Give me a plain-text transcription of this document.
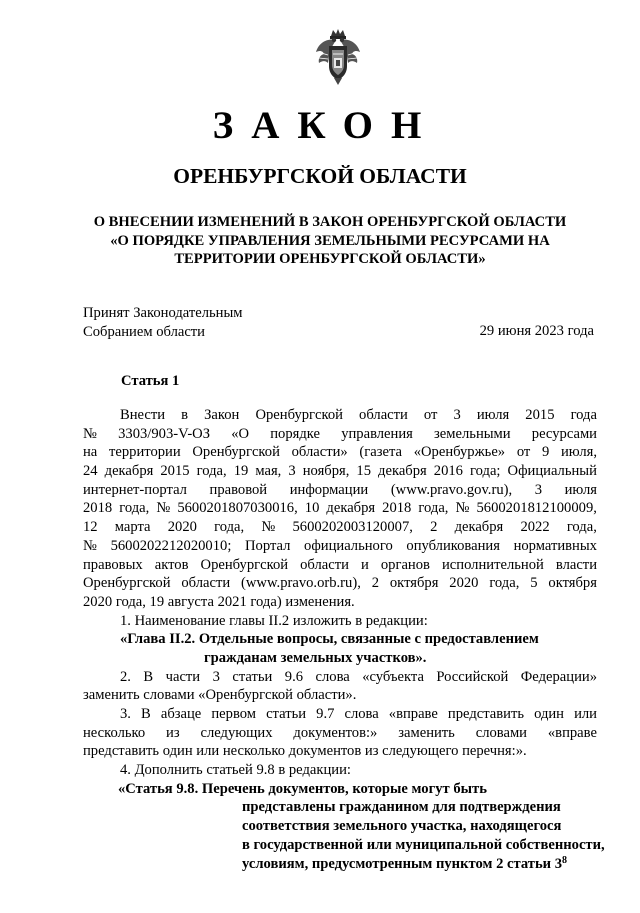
ЗАКОН
ОРЕНБУРГСКОЙ ОБЛАСТИ
О ВНЕСЕНИИ ИЗМЕНЕНИЙ В ЗАКОН ОРЕНБУРГСКОЙ ОБЛАСТИ
«О ПОРЯДКЕ УПРАВЛЕНИЯ ЗЕМЕЛЬНЫМИ РЕСУРСАМИ НА
ТЕРРИТОРИИ ОРЕНБУРГСКОЙ ОБЛАСТИ»
Принят Законодательным
Собранием области	29 июня 2023 года
Статья 1
Внести в Закон Оренбургской области от 3 июля 2015 года
№ 3303/903-V-ОЗ «О порядке управления земельными ресурсами
на территории Оренбургской области» (газета «Оренбуржье» от 9 июля,
24 декабря 2015 года, 19 мая, 3 ноября, 15 декабря 2016 года; Официальный
интернет-портал правовой информации (www.pravo.gov.ru), 3 июля
2018 года, № 5600201807030016, 10 декабря 2018 года, № 5600201812100009,
12 марта 2020 года, № 5600202003120007, 2 декабря 2022 года,
№ 5600202212020010; Портал официального опубликования нормативных
правовых актов Оренбургской области и органов исполнительной власти
Оренбургской области (www.pravo.orb.ru), 2 октября 2020 года, 5 октября
2020 года, 19 августа 2021 года) изменения.
1. Наименование главы II.2 изложить в редакции:
«Глава II.2. Отдельные вопросы, связанные с предоставлением
гражданам земельных участков».
2. В части 3 статьи 9.6 слова «субъекта Российской Федерации»
заменить словами «Оренбургской области».
3. В абзаце первом статьи 9.7 слова «вправе представить один или
несколько из следующих документов:» заменить словами «вправе
представить один или несколько документов из следующего перечня:».
4. Дополнить статьей 9.8 в редакции:
«Статья 9.8. Перечень документов, которые могут быть
представлены гражданином для подтверждения
соответствия земельного участка, находящегося
в государственной или муниципальной собственности,
условиям, предусмотренным пунктом 2 статьи $3^8$
